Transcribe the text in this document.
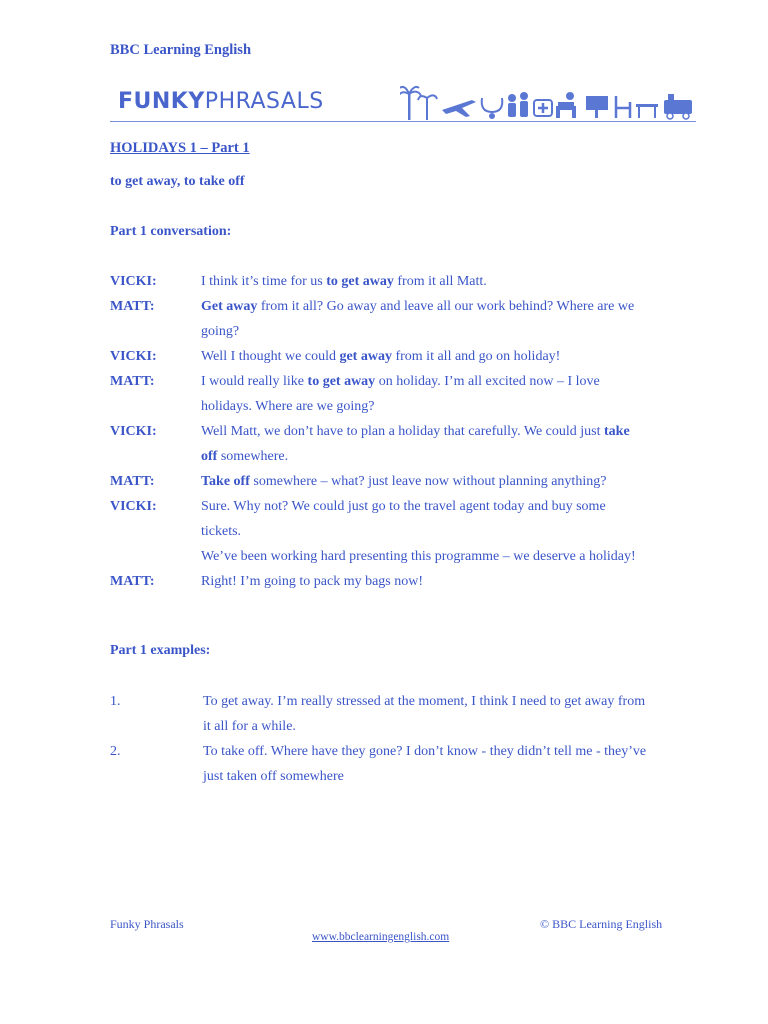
BBC Learning English
FUNKYPHRASALS
HOLIDAYS 1 – Part 1
to get away, to take off
Part 1 conversation:
VICKI:	I think it’s time for us to get away from it all Matt.
MATT:	Get away from it all? Go away and leave all our work behind? Where are we
going?
VICKI:	Well I thought we could get away from it all and go on holiday!
MATT:	I would really like to get away on holiday. I’m all excited now – I love
holidays. Where are we going?
VICKI:	Well Matt, we don’t have to plan a holiday that carefully. We could just take
off somewhere.
MATT:	Take off somewhere – what? just leave now without planning anything?
VICKI:	Sure. Why not? We could just go to the travel agent today and buy some
tickets.
We’ve been working hard presenting this programme – we deserve a holiday!
MATT:	Right! I’m going to pack my bags now!
Part 1 examples:
1.	To get away. I’m really stressed at the moment, I think I need to get away from
it all for a while.
2.	To take off. Where have they gone? I don’t know - they didn’t tell me - they’ve
just taken off somewhere
Funky Phrasals	© BBC Learning English
www.bbclearningenglish.com
